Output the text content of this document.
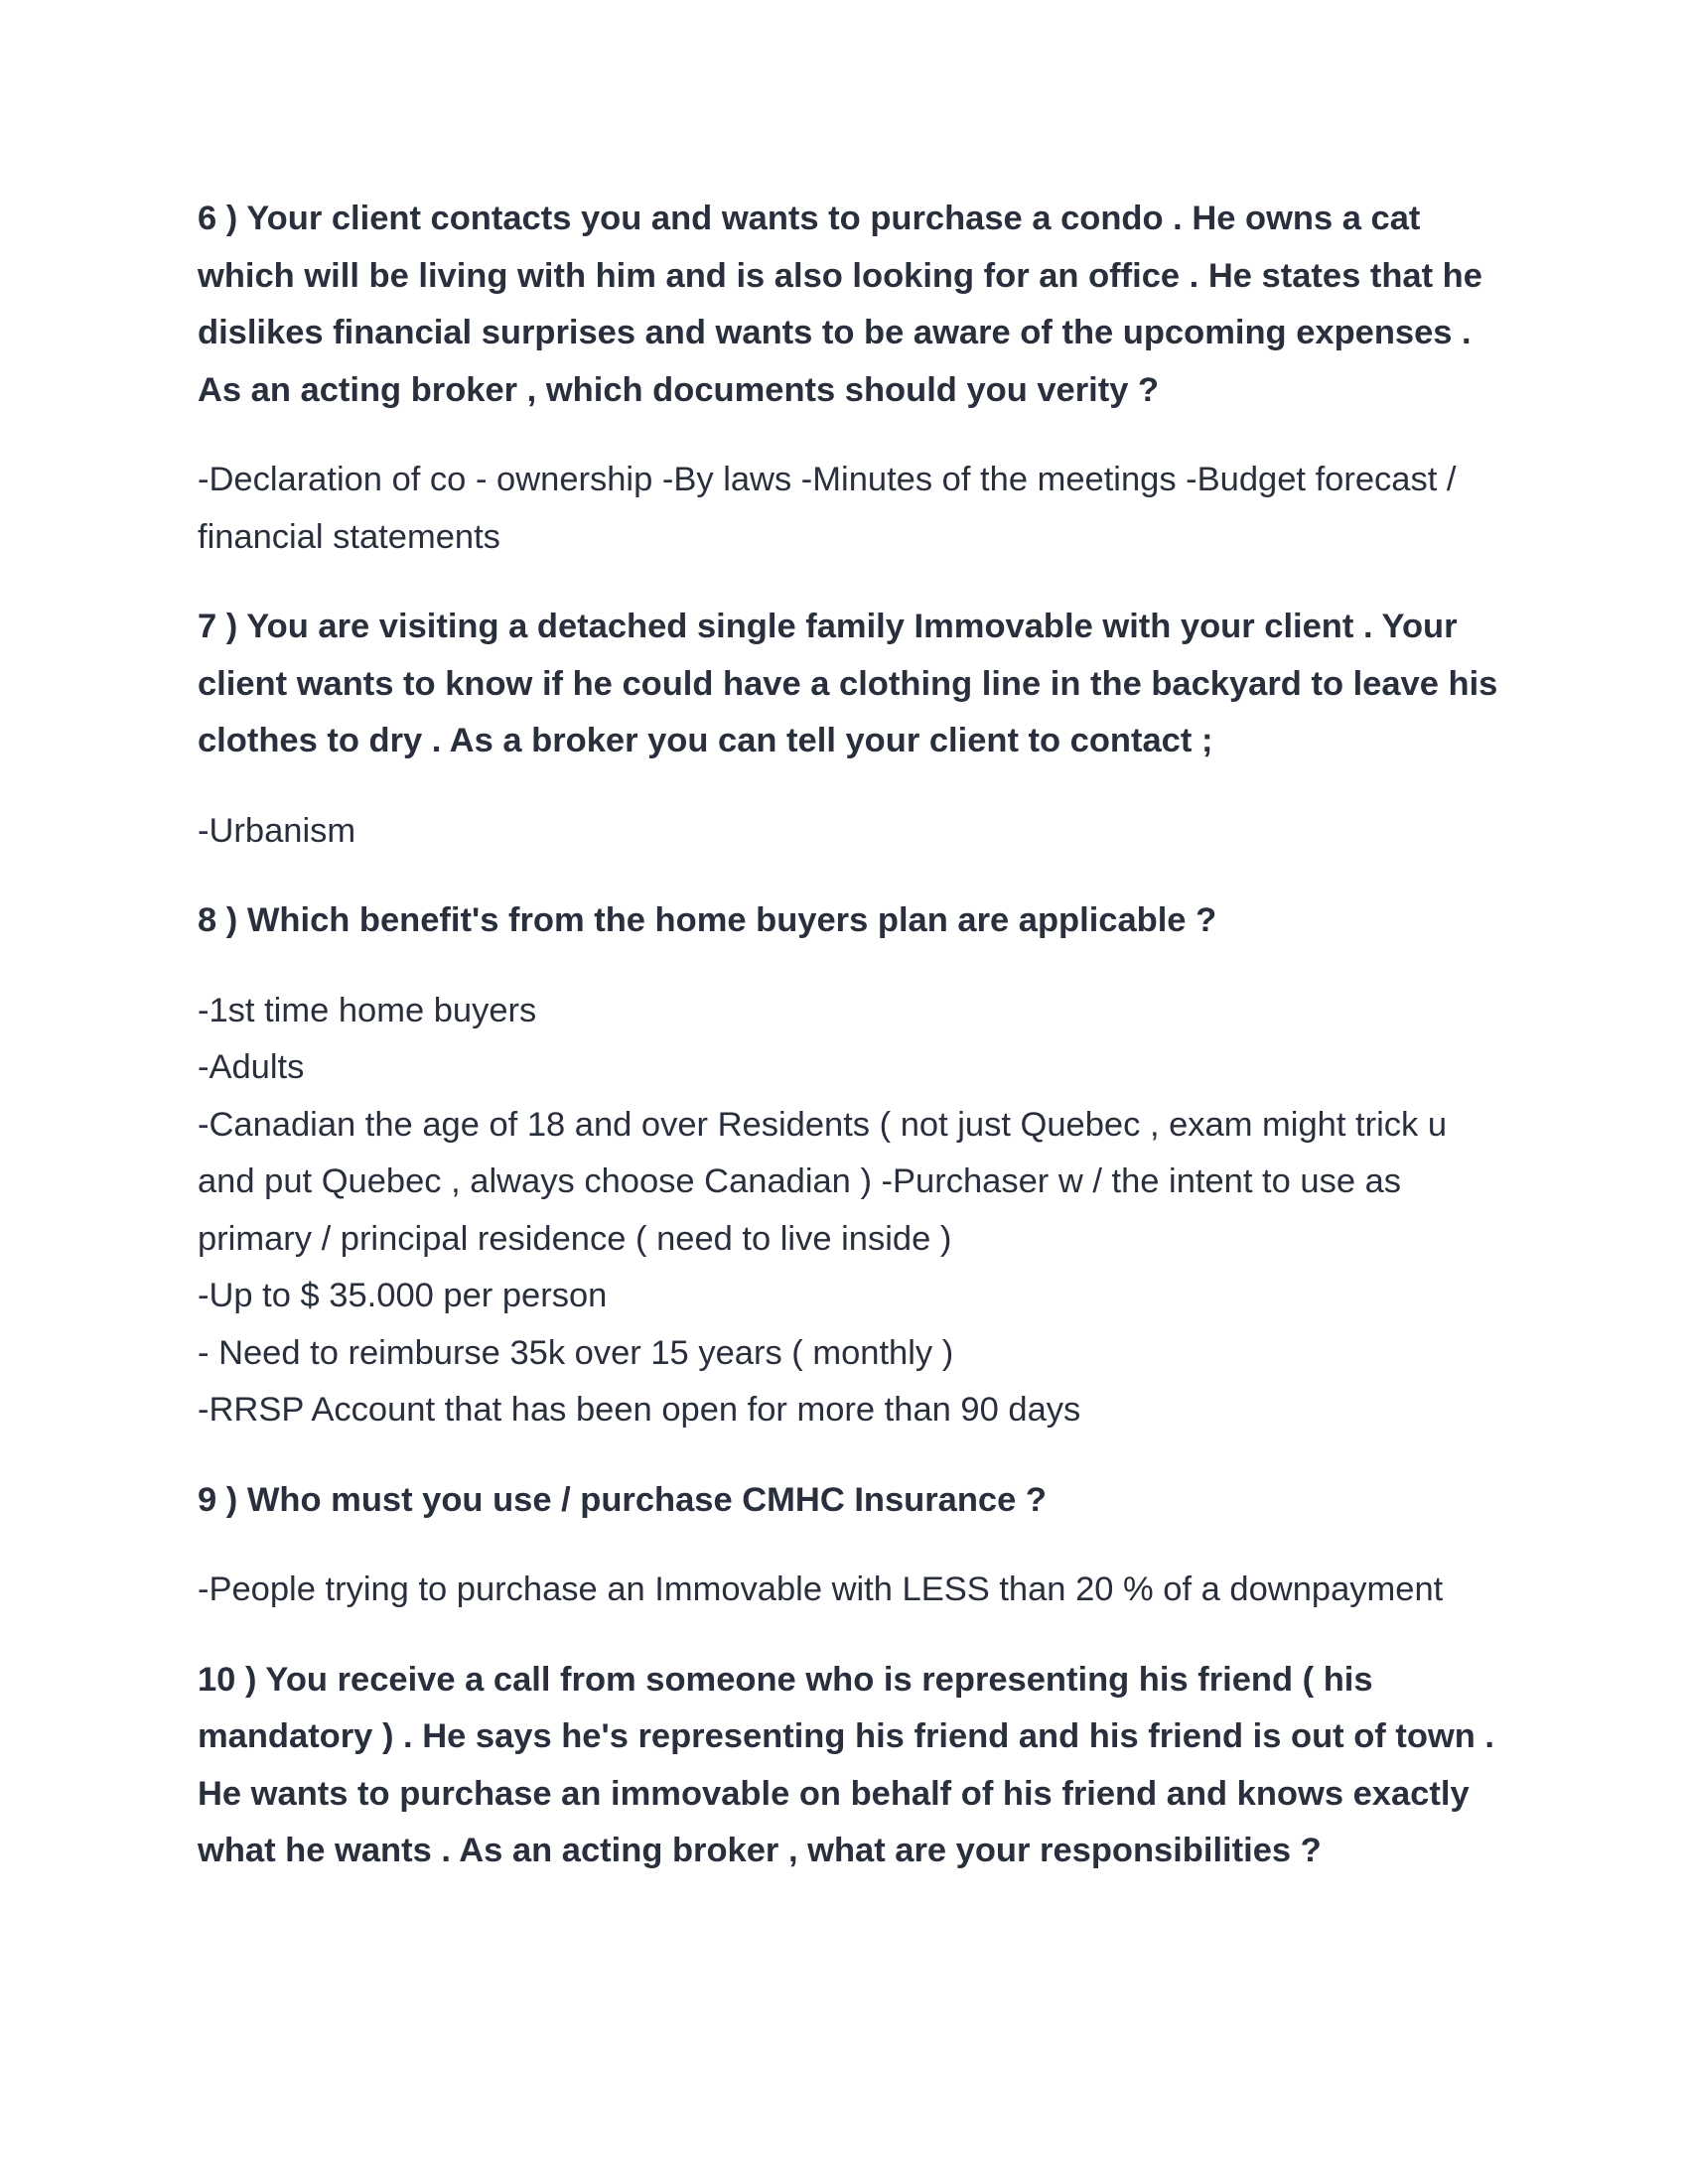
6 ) Your client contacts you and wants to purchase a condo . He owns a cat which will be living with him and is also looking for an office . He states that he dislikes financial surprises and wants to be aware of the upcoming expenses . As an acting broker , which documents should you verity ?

-Declaration of co - ownership -By laws -Minutes of the meetings -Budget forecast / financial statements

7 ) You are visiting a detached single family Immovable with your client . Your client wants to know if he could have a clothing line in the backyard to leave his clothes to dry . As a broker you can tell your client to contact ;

-Urbanism

8 ) Which benefit's from the home buyers plan are applicable ?

-1st time home buyers
-Adults
-Canadian the age of 18 and over Residents ( not just Quebec , exam might trick u and put Quebec , always choose Canadian ) -Purchaser w / the intent to use as primary / principal residence ( need to live inside )
-Up to $ 35.000 per person
- Need to reimburse 35k over 15 years ( monthly )
-RRSP Account that has been open for more than 90 days

9 ) Who must you use / purchase CMHC Insurance ?

-People trying to purchase an Immovable with LESS than 20 % of a downpayment

10 ) You receive a call from someone who is representing his friend ( his mandatory ) . He says he's representing his friend and his friend is out of town . He wants to purchase an immovable on behalf of his friend and knows exactly what he wants . As an acting broker , what are your responsibilities ?
